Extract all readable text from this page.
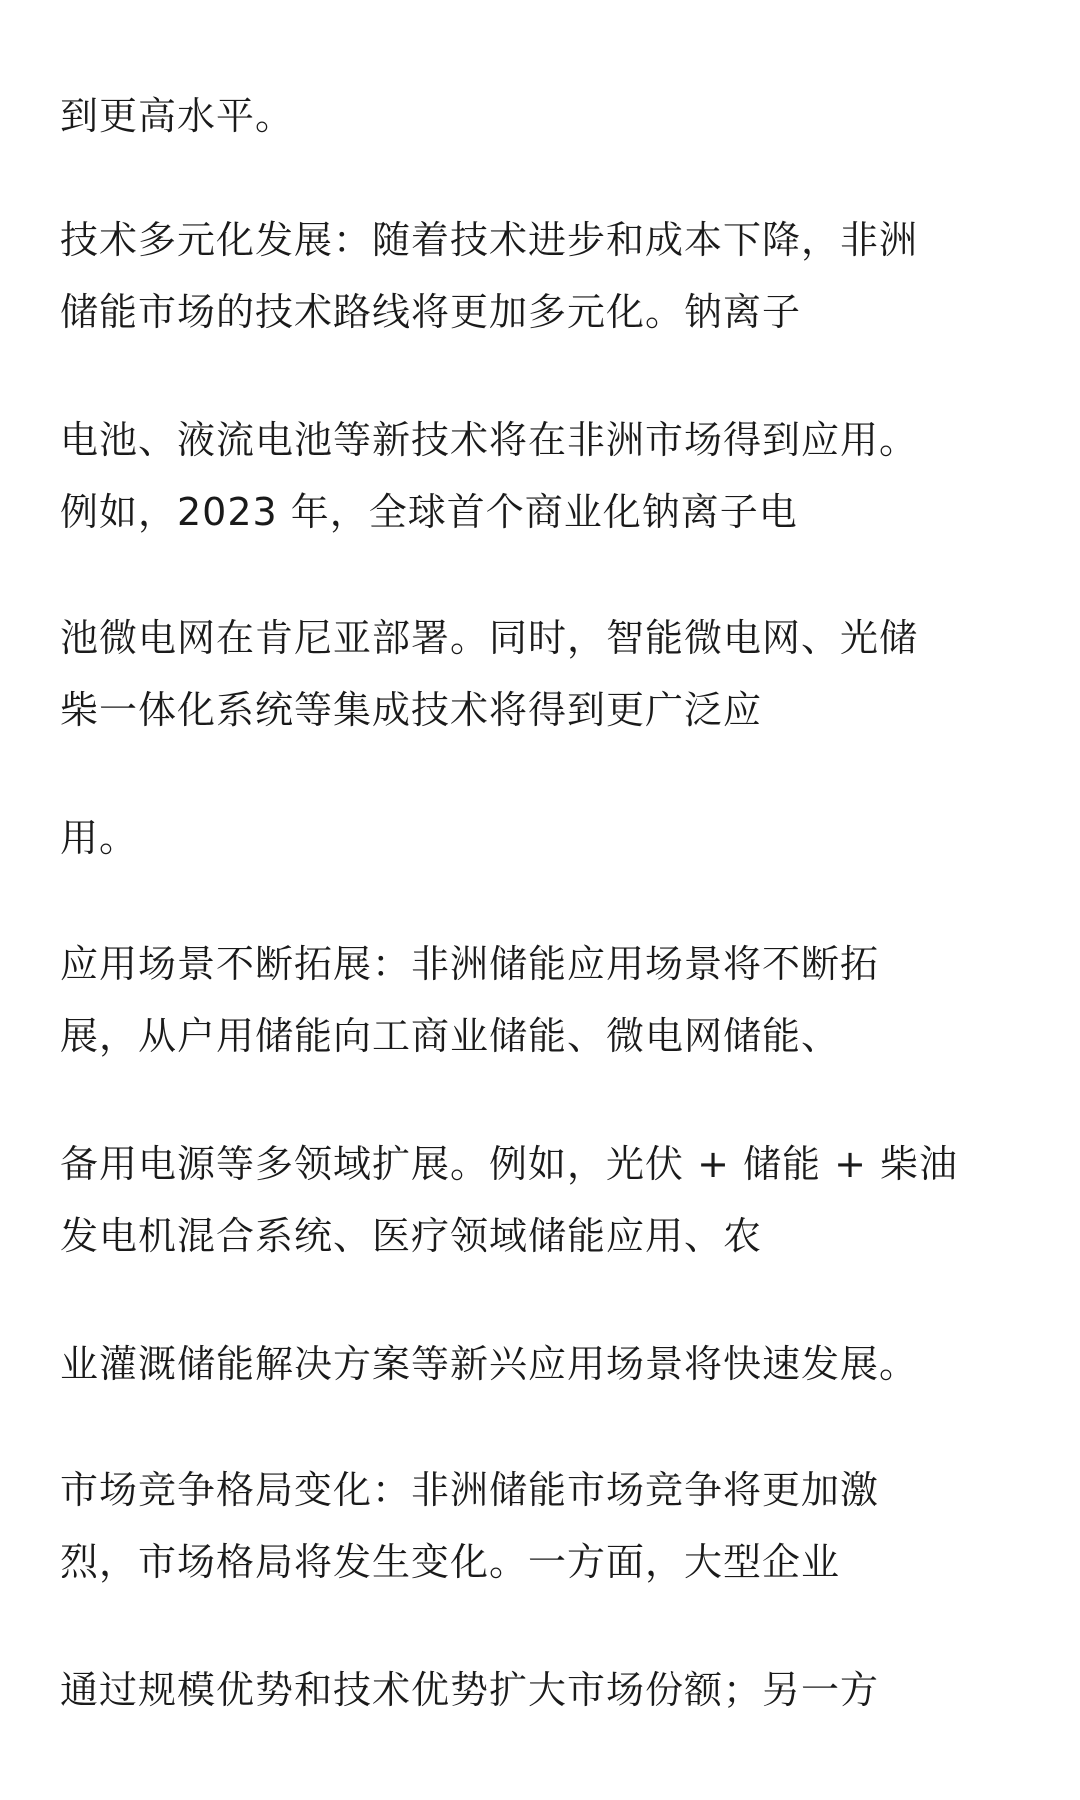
到更高水平。
技术多元化发展：随着技术进步和成本下降，非洲
储能市场的技术路线将更加多元化。钠离子
电池、液流电池等新技术将在非洲市场得到应用。
例如，2023 年，全球首个商业化钠离子电
池微电网在肯尼亚部署。同时，智能微电网、光储
柴一体化系统等集成技术将得到更广泛应
用。
应用场景不断拓展：非洲储能应用场景将不断拓
展，从户用储能向工商业储能、微电网储能、
备用电源等多领域扩展。例如，光伏 + 储能 + 柴油
发电机混合系统、医疗领域储能应用、农
业灌溉储能解决方案等新兴应用场景将快速发展。
市场竞争格局变化：非洲储能市场竞争将更加激
烈，市场格局将发生变化。一方面，大型企业
通过规模优势和技术优势扩大市场份额；另一方
